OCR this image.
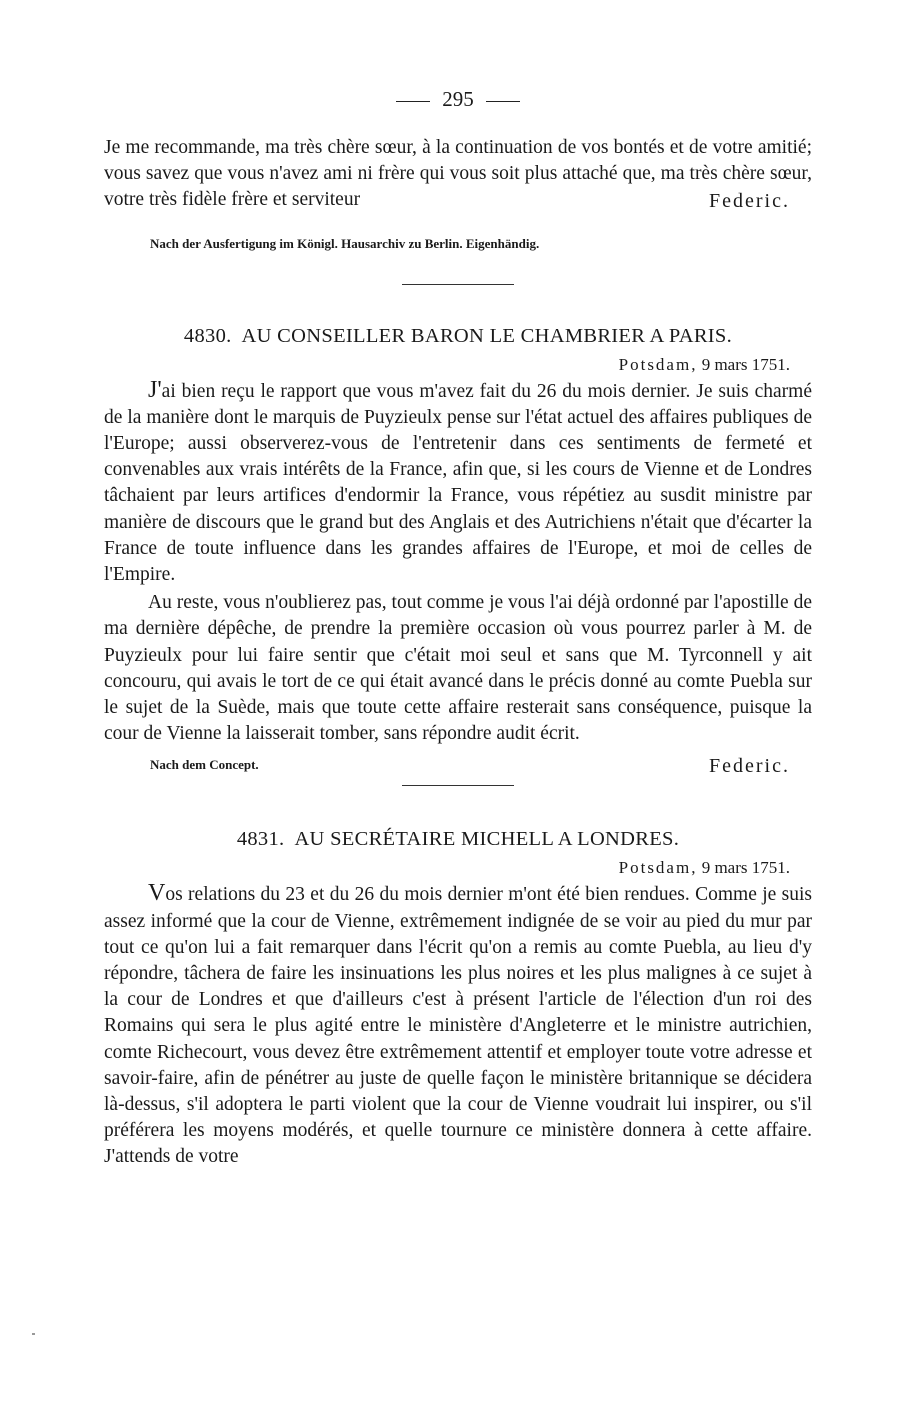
295

Je me recommande, ma très chère sœur, à la continuation de vos bontés et de votre amitié; vous savez que vous n'avez ami ni frère qui vous soit plus attaché que, ma très chère sœur, votre très fidèle frère et serviteur	Federic.
Nach der Ausfertigung im Königl. Hausarchiv zu Berlin. Eigenhändig.

4830. AU CONSEILLER BARON LE CHAMBRIER A PARIS.

Potsdam, 9 mars 1751.

J'ai bien reçu le rapport que vous m'avez fait du 26 du mois dernier. Je suis charmé de la manière dont le marquis de Puyzieulx pense sur l'état actuel des affaires publiques de l'Europe; aussi observerez-vous de l'entretenir dans ces sentiments de fermeté et convenables aux vrais intérêts de la France, afin que, si les cours de Vienne et de Londres tâchaient par leurs artifices d'endormir la France, vous répétiez au susdit ministre par manière de discours que le grand but des Anglais et des Autrichiens n'était que d'écarter la France de toute influence dans les grandes affaires de l'Europe, et moi de celles de l'Empire.

Au reste, vous n'oublierez pas, tout comme je vous l'ai déjà ordonné par l'apostille de ma dernière dépêche, de prendre la première occasion où vous pourrez parler à M. de Puyzieulx pour lui faire sentir que c'était moi seul et sans que M. Tyrconnell y ait concouru, qui avais le tort de ce qui était avancé dans le précis donné au comte Puebla sur le sujet de la Suède, mais que toute cette affaire resterait sans conséquence, puisque la cour de Vienne la laisserait tomber, sans répondre audit écrit.

Nach dem Concept.	Federic.

4831. AU SECRÉTAIRE MICHELL A LONDRES.

Potsdam, 9 mars 1751.

Vos relations du 23 et du 26 du mois dernier m'ont été bien rendues. Comme je suis assez informé que la cour de Vienne, extrêmement indignée de se voir au pied du mur par tout ce qu'on lui a fait remarquer dans l'écrit qu'on a remis au comte Puebla, au lieu d'y répondre, tâchera de faire les insinuations les plus noires et les plus malignes à ce sujet à la cour de Londres et que d'ailleurs c'est à présent l'article de l'élection d'un roi des Romains qui sera le plus agité entre le ministère d'Angleterre et le ministre autrichien, comte Richecourt, vous devez être extrêmement attentif et employer toute votre adresse et savoir-faire, afin de pénétrer au juste de quelle façon le ministère britannique se décidera là-dessus, s'il adoptera le parti violent que la cour de Vienne voudrait lui inspirer, ou s'il préférera les moyens modérés, et quelle tournure ce ministère donnera à cette affaire. J'attends de votre
